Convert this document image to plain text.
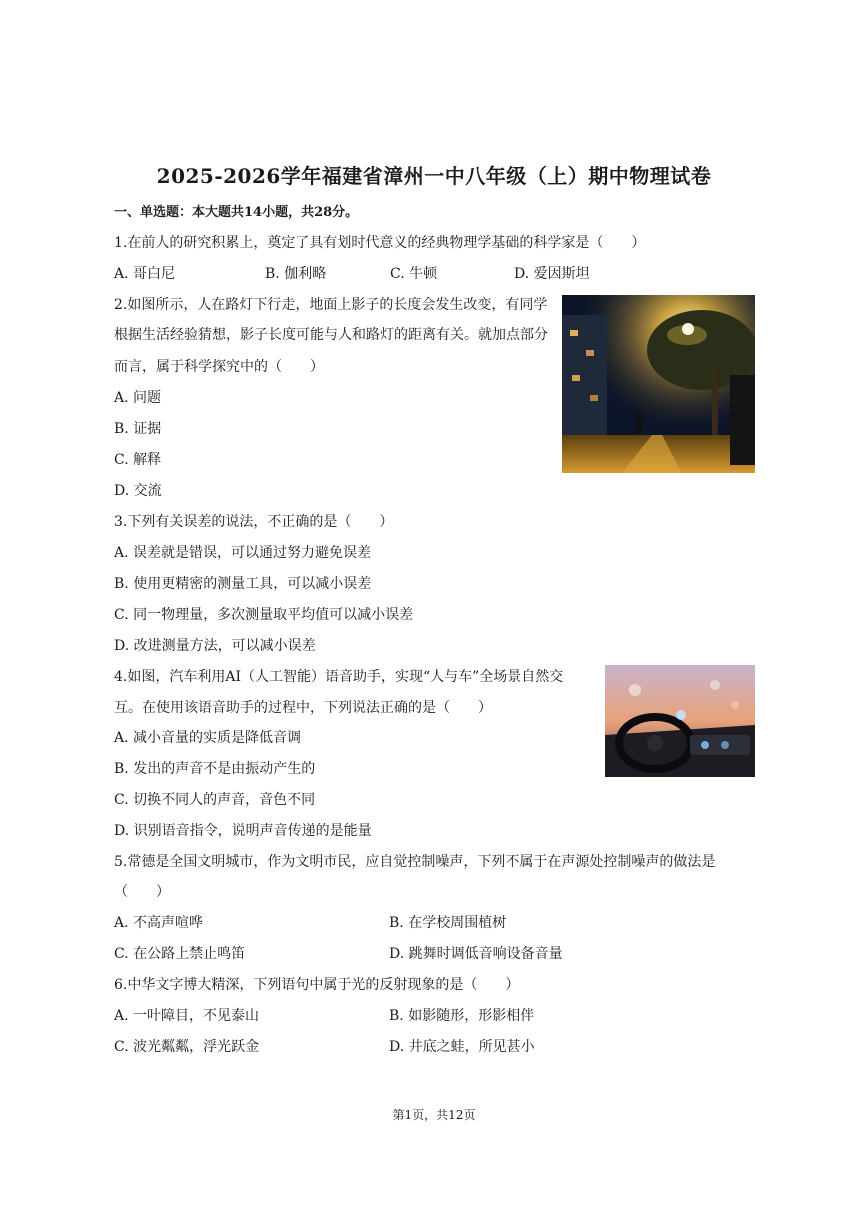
2025-2026学年福建省漳州一中八年级（上）期中物理试卷
一、单选题：本大题共14小题，共28分。
1.在前人的研究积累上，奠定了具有划时代意义的经典物理学基础的科学家是（　　）
A. 哥白尼	B. 伽利略	C. 牛顿	D. 爱因斯坦
2.如图所示，人在路灯下行走，地面上影子的长度会发生改变，有同学
根据生活经验猜想，影子长度可能与人和路灯的距离有关。就加点部分
而言，属于科学探究中的（　　）
A. 问题
B. 证据
C. 解释
D. 交流
3.下列有关误差的说法，不正确的是（　　）
A. 误差就是错误，可以通过努力避免误差
B. 使用更精密的测量工具，可以减小误差
C. 同一物理量，多次测量取平均值可以减小误差
D. 改进测量方法，可以减小误差
4.如图，汽车利用AI（人工智能）语音助手，实现“人与车”全场景自然交
互。在使用该语音助手的过程中，下列说法正确的是（　　）
A. 减小音量的实质是降低音调
B. 发出的声音不是由振动产生的
C. 切换不同人的声音，音色不同
D. 识别语音指令，说明声音传递的是能量
5.常德是全国文明城市，作为文明市民，应自觉控制噪声，下列不属于在声源处控制噪声的做法是
（　　）
A. 不高声喧哗	B. 在学校周围植树
C. 在公路上禁止鸣笛	D. 跳舞时调低音响设备音量
6.中华文字博大精深，下列语句中属于光的反射现象的是（　　）
A. 一叶障目，不见泰山	B. 如影随形，形影相伴
C. 波光粼粼，浮光跃金	D. 井底之蛙，所见甚小
第1页，共12页
